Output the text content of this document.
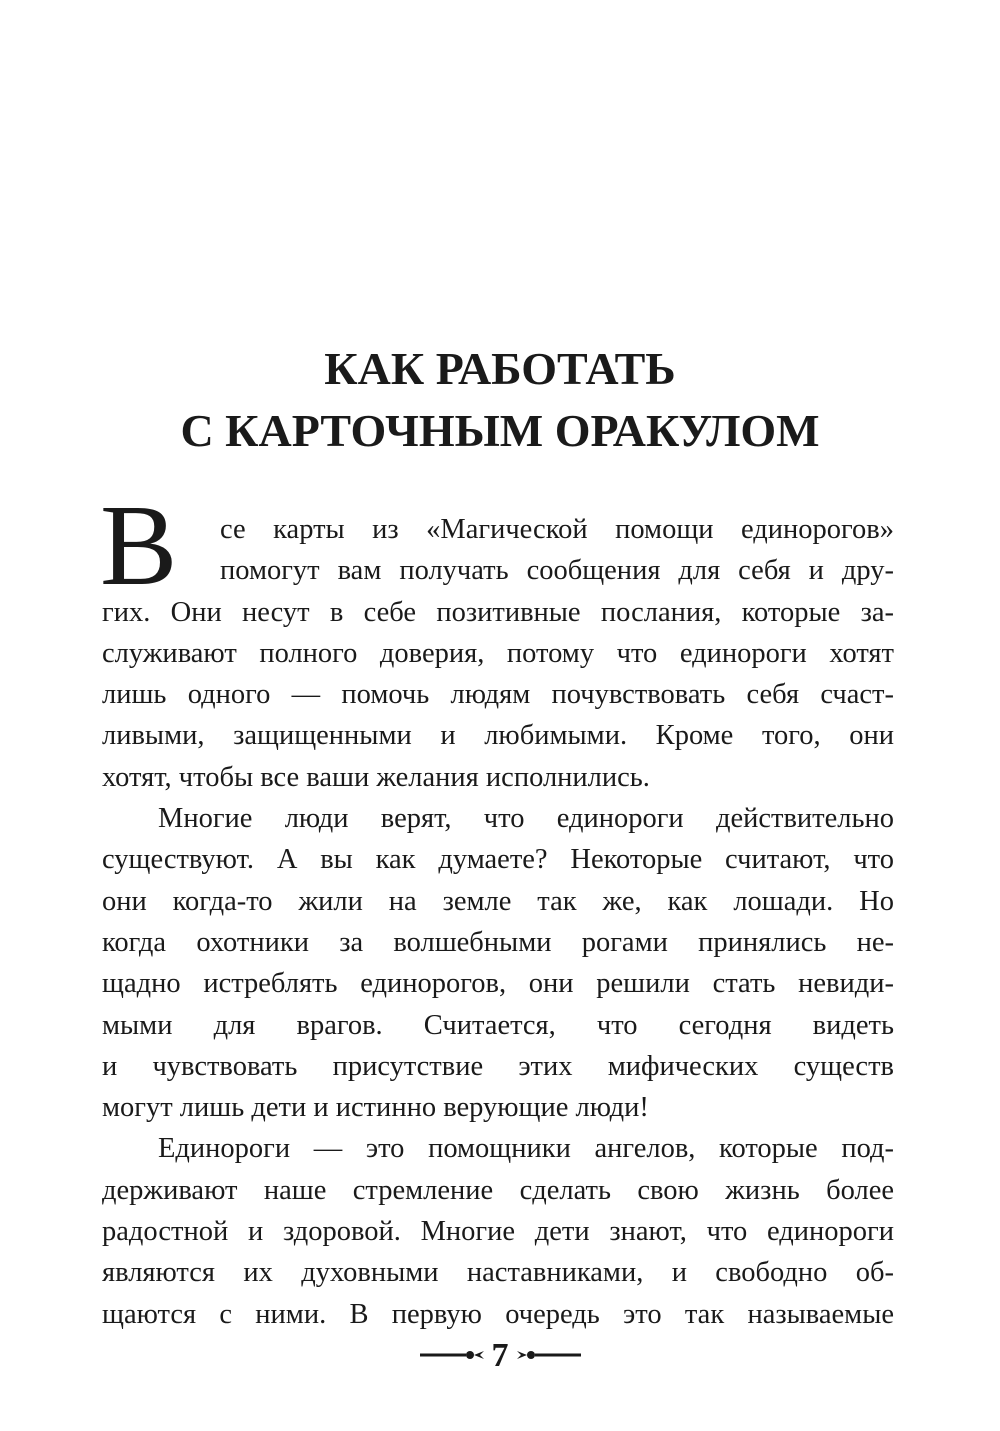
КАК РАБОТАТЬ
С КАРТОЧНЫМ ОРАКУЛОМ
В	се карты из «Магической помощи единорогов»
помогут вам получать сообщения для себя и дру-
гих. Они несут в себе позитивные послания, которые за-
служивают полного доверия, потому что единороги хотят
лишь одного — помочь людям почувствовать себя счаст-
ливыми, защищенными и любимыми. Кроме того, они
хотят, чтобы все ваши желания исполнились.
Многие люди верят, что единороги действительно
существуют. А вы как думаете? Некоторые считают, что
они когда-то жили на земле так же, как лошади. Но
когда охотники за волшебными рогами принялись не-
щадно истреблять единорогов, они решили стать невиди-
мыми для врагов. Считается, что сегодня видеть
и чувствовать присутствие этих мифических существ
могут лишь дети и истинно верующие люди!
Единороги — это помощники ангелов, которые под-
держивают наше стремление сделать свою жизнь более
радостной и здоровой. Многие дети знают, что единороги
являются их духовными наставниками, и свободно об-
щаются с ними. В первую очередь это так называемые
7
